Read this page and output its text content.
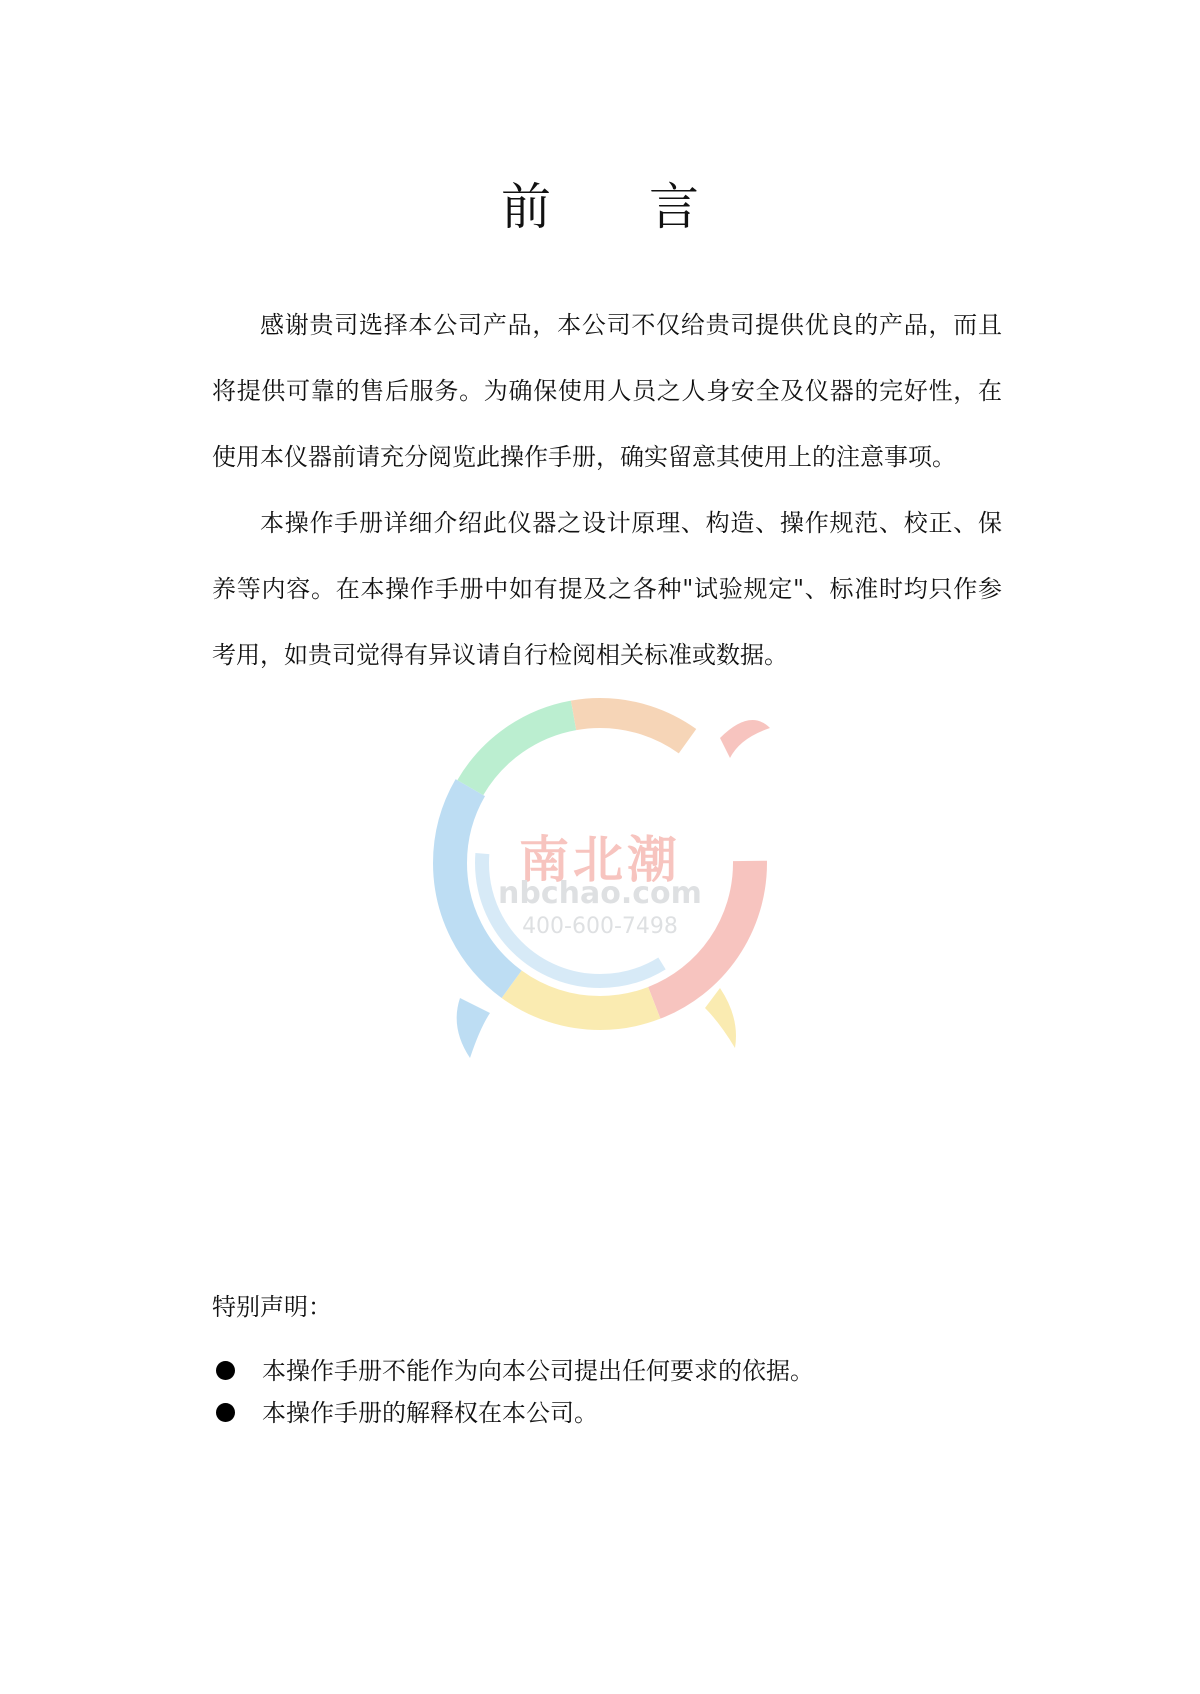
前 言

感谢贵司选择本公司产品，本公司不仅给贵司提供优良的产品，而且将提供可靠的售后服务。为确保使用人员之人身安全及仪器的完好性，在使用本仪器前请充分阅览此操作手册，确实留意其使用上的注意事项。

本操作手册详细介绍此仪器之设计原理、构造、操作规范、校正、保养等内容。在本操作手册中如有提及之各种"试验规定"、标准时均只作参考用，如贵司觉得有异议请自行检阅相关标准或数据。

南北潮
nbchao.com
400-600-7498

特别声明：

本操作手册不能作为向本公司提出任何要求的依据。
本操作手册的解释权在本公司。
